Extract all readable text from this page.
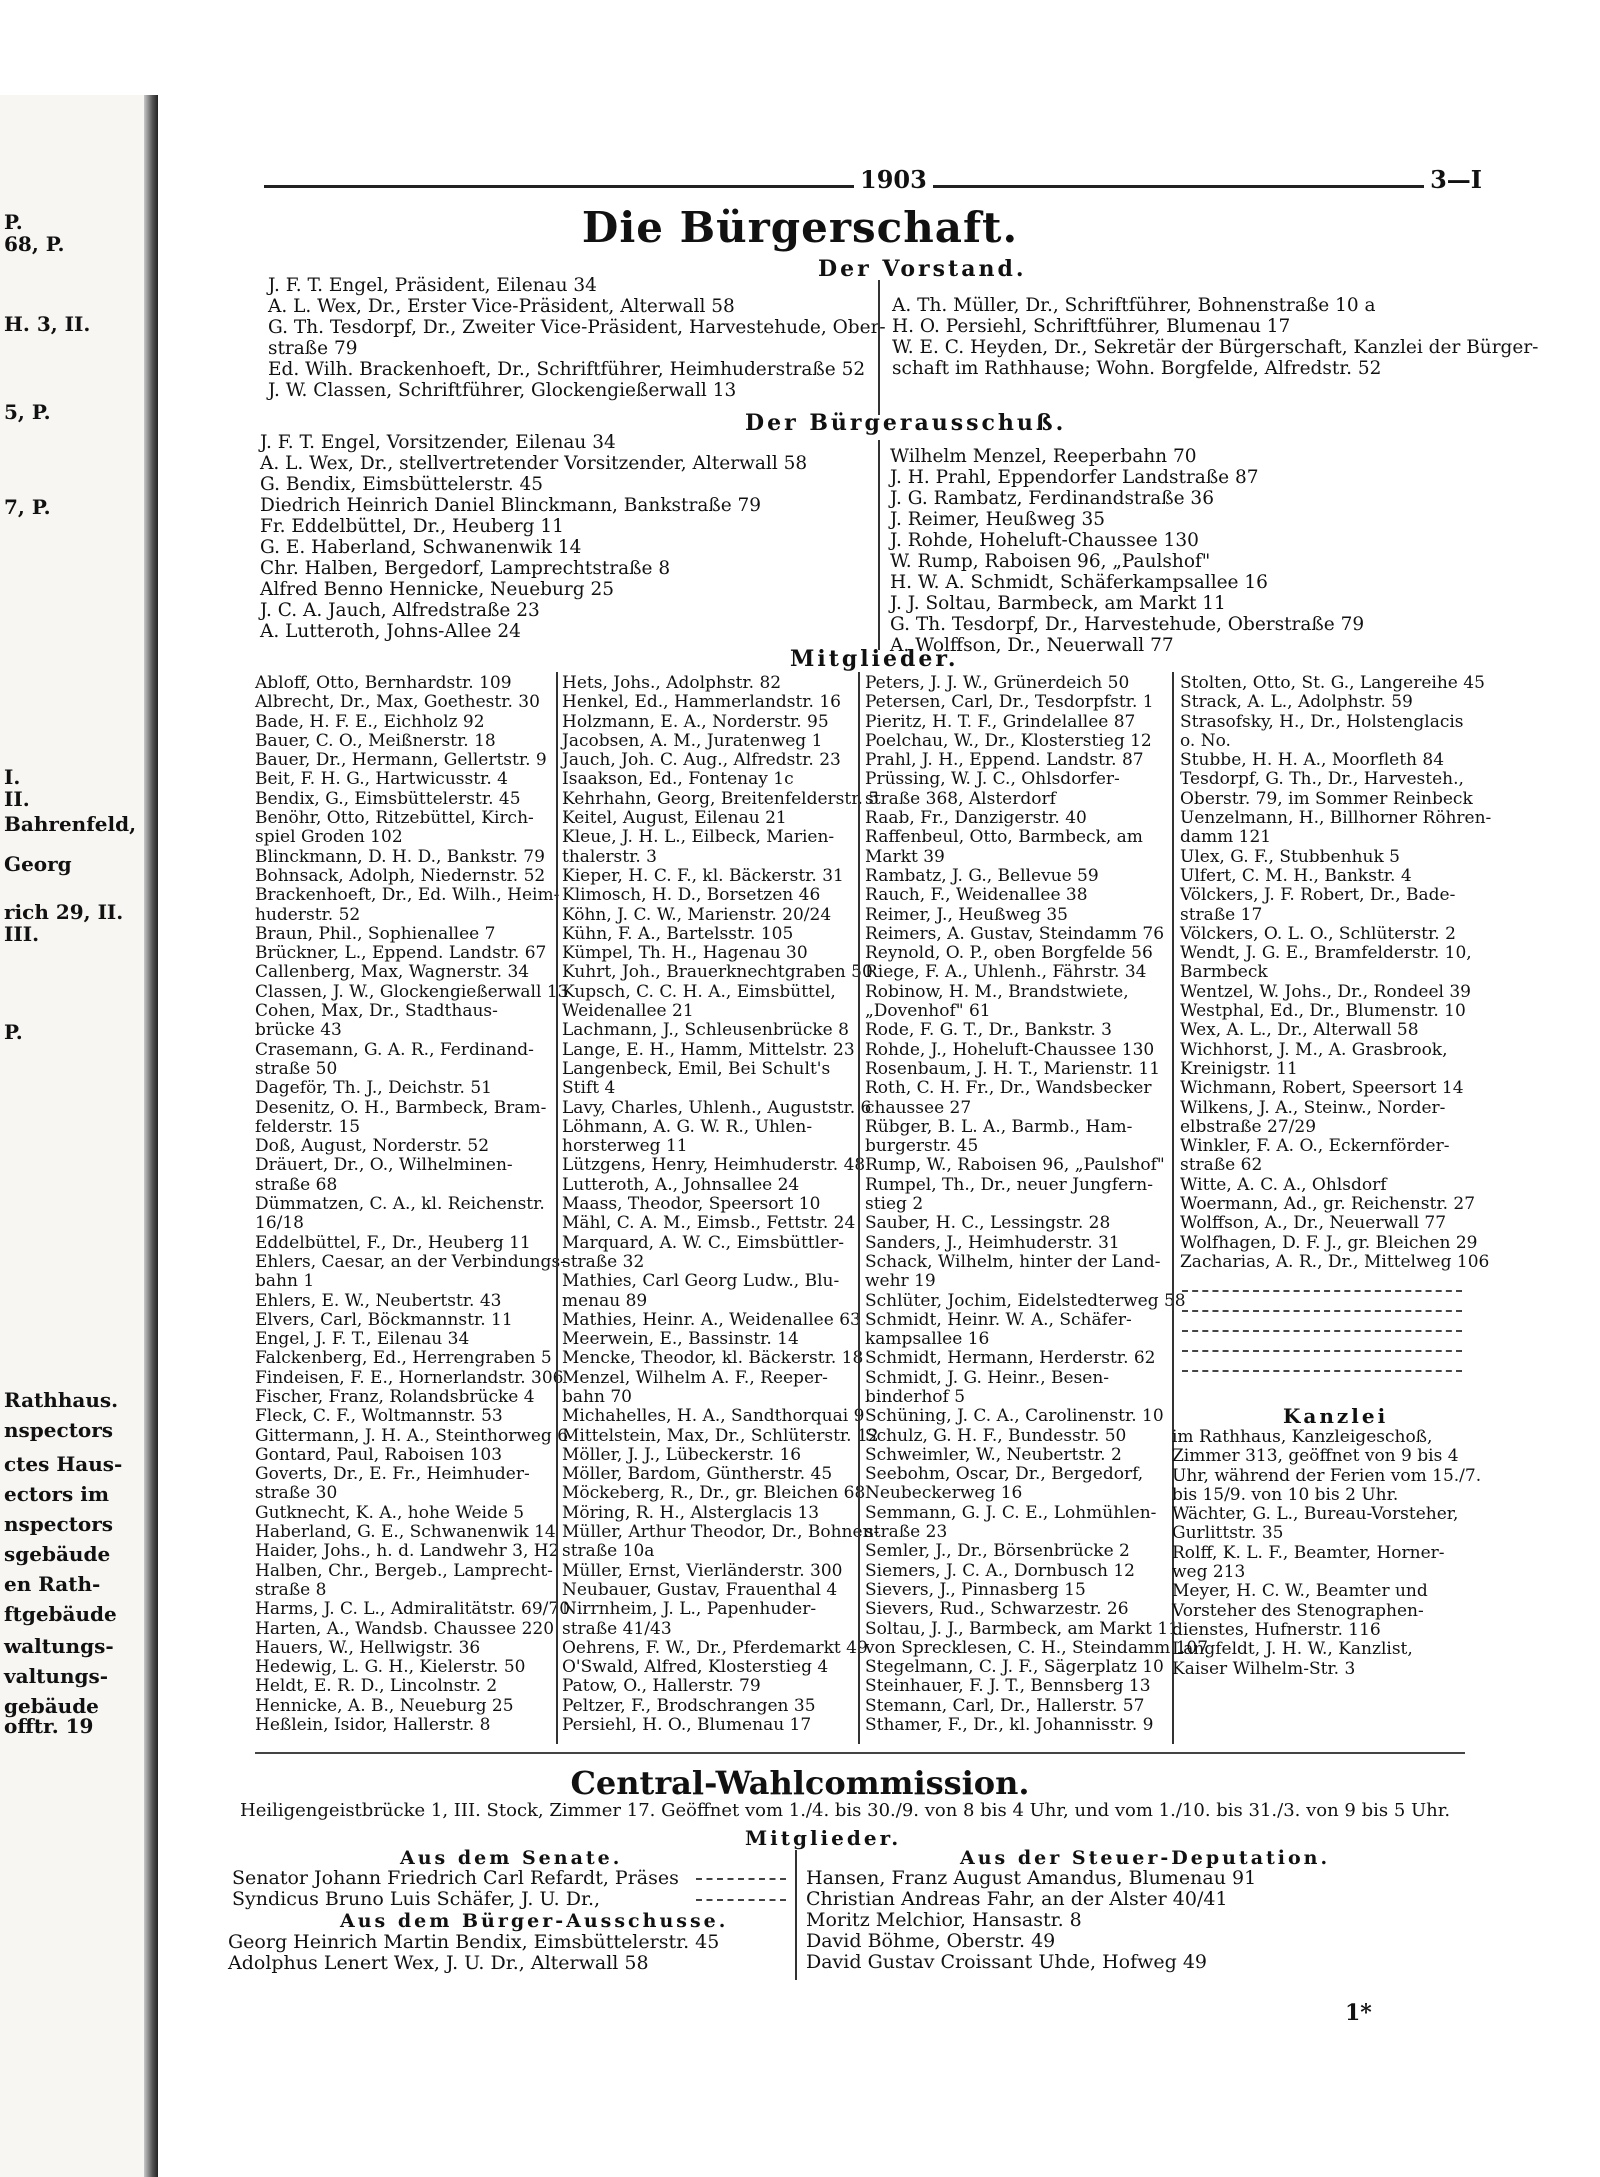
P.
68, P.
H. 3, II.
5, P.
7, P.
I.
II.
Bahrenfeld,
Georg
rich 29, II.
III.
P.
Rathhaus.
nspectors
ctes Haus-
ectors im
nspectors
sgebäude
en Rath-
ftgebäude
waltungs-
valtungs-
gebäude
offtr. 19
1903	3—I
Die Bürgerschaft.
Der Vorstand.
J. F. T. Engel, Präsident, Eilenau 34
A. L. Wex, Dr., Erster Vice-Präsident, Alterwall 58
G. Th. Tesdorpf, Dr., Zweiter Vice-Präsident, Harvestehude, Ober-
straße 79
Ed. Wilh. Brackenhoeft, Dr., Schriftführer, Heimhuderstraße 52
J. W. Classen, Schriftführer, Glockengießerwall 13
A. Th. Müller, Dr., Schriftführer, Bohnenstraße 10 a
H. O. Persiehl, Schriftführer, Blumenau 17
W. E. C. Heyden, Dr., Sekretär der Bürgerschaft, Kanzlei der Bürger-
schaft im Rathhause; Wohn. Borgfelde, Alfredstr. 52
Der Bürgerausschuß.
J. F. T. Engel, Vorsitzender, Eilenau 34
A. L. Wex, Dr., stellvertretender Vorsitzender, Alterwall 58
G. Bendix, Eimsbüttelerstr. 45
Diedrich Heinrich Daniel Blinckmann, Bankstraße 79
Fr. Eddelbüttel, Dr., Heuberg 11
G. E. Haberland, Schwanenwik 14
Chr. Halben, Bergedorf, Lamprechtstraße 8
Alfred Benno Hennicke, Neueburg 25
J. C. A. Jauch, Alfredstraße 23
A. Lutteroth, Johns-Allee 24
Wilhelm Menzel, Reeperbahn 70
J. H. Prahl, Eppendorfer Landstraße 87
J. G. Rambatz, Ferdinandstraße 36
J. Reimer, Heußweg 35
J. Rohde, Hoheluft-Chaussee 130
W. Rump, Raboisen 96, „Paulshof"
H. W. A. Schmidt, Schäferkampsallee 16
J. J. Soltau, Barmbeck, am Markt 11
G. Th. Tesdorpf, Dr., Harvestehude, Oberstraße 79
A. Wolffson, Dr., Neuerwall 77
Mitglieder.
Abloff, Otto, Bernhardstr. 109
Albrecht, Dr., Max, Goethestr. 30
Bade, H. F. E., Eichholz 92
Bauer, C. O., Meißnerstr. 18
Bauer, Dr., Hermann, Gellertstr. 9
Beit, F. H. G., Hartwicusstr. 4
Bendix, G., Eimsbüttelerstr. 45
Benöhr, Otto, Ritzebüttel, Kirch-
spiel Groden 102
Blinckmann, D. H. D., Bankstr. 79
Bohnsack, Adolph, Niedernstr. 52
Brackenhoeft, Dr., Ed. Wilh., Heim-
huderstr. 52
Braun, Phil., Sophienallee 7
Brückner, L., Eppend. Landstr. 67
Callenberg, Max, Wagnerstr. 34
Classen, J. W., Glockengießerwall 13
Cohen, Max, Dr., Stadthaus-
brücke 43
Crasemann, G. A. R., Ferdinand-
straße 50
Dageför, Th. J., Deichstr. 51
Desenitz, O. H., Barmbeck, Bram-
felderstr. 15
Doß, August, Norderstr. 52
Dräuert, Dr., O., Wilhelminen-
straße 68
Dümmatzen, C. A., kl. Reichenstr.
16/18
Eddelbüttel, F., Dr., Heuberg 11
Ehlers, Caesar, an der Verbindungs-
bahn 1
Ehlers, E. W., Neubertstr. 43
Elvers, Carl, Böckmannstr. 11
Engel, J. F. T., Eilenau 34
Falckenberg, Ed., Herrengraben 5
Findeisen, F. E., Hornerlandstr. 306
Fischer, Franz, Rolandsbrücke 4
Fleck, C. F., Woltmannstr. 53
Gittermann, J. H. A., Steinthorweg 6
Gontard, Paul, Raboisen 103
Goverts, Dr., E. Fr., Heimhuder-
straße 30
Gutknecht, K. A., hohe Weide 5
Haberland, G. E., Schwanenwik 14
Haider, Johs., h. d. Landwehr 3, H2
Halben, Chr., Bergeb., Lamprecht-
straße 8
Harms, J. C. L., Admiralitätstr. 69/70
Harten, A., Wandsb. Chaussee 220
Hauers, W., Hellwigstr. 36
Hedewig, L. G. H., Kielerstr. 50
Heldt, E. R. D., Lincolnstr. 2
Hennicke, A. B., Neueburg 25
Heßlein, Isidor, Hallerstr. 8
Hets, Johs., Adolphstr. 82
Henkel, Ed., Hammerlandstr. 16
Holzmann, E. A., Norderstr. 95
Jacobsen, A. M., Juratenweg 1
Jauch, Joh. C. Aug., Alfredstr. 23
Isaakson, Ed., Fontenay 1c
Kehrhahn, Georg, Breitenfelderstr. 5
Keitel, August, Eilenau 21
Kleue, J. H. L., Eilbeck, Marien-
thalerstr. 3
Kieper, H. C. F., kl. Bäckerstr. 31
Klimosch, H. D., Borsetzen 46
Köhn, J. C. W., Marienstr. 20/24
Kühn, F. A., Bartelsstr. 105
Kümpel, Th. H., Hagenau 30
Kuhrt, Joh., Brauerknechtgraben 50
Kupsch, C. C. H. A., Eimsbüttel,
Weidenallee 21
Lachmann, J., Schleusenbrücke 8
Lange, E. H., Hamm, Mittelstr. 23
Langenbeck, Emil, Bei Schult's
Stift 4
Lavy, Charles, Uhlenh., Auguststr. 6
Löhmann, A. G. W. R., Uhlen-
horsterweg 11
Lützgens, Henry, Heimhuderstr. 48
Lutteroth, A., Johnsallee 24
Maass, Theodor, Speersort 10
Mähl, C. A. M., Eimsb., Fettstr. 24
Marquard, A. W. C., Eimsbüttler-
straße 32
Mathies, Carl Georg Ludw., Blu-
menau 89
Mathies, Heinr. A., Weidenallee 63
Meerwein, E., Bassinstr. 14
Mencke, Theodor, kl. Bäckerstr. 18
Menzel, Wilhelm A. F., Reeper-
bahn 70
Michahelles, H. A., Sandthorquai 9
Mittelstein, Max, Dr., Schlüterstr. 12
Möller, J. J., Lübeckerstr. 16
Möller, Bardom, Güntherstr. 45
Möckeberg, R., Dr., gr. Bleichen 68
Möring, R. H., Alsterglacis 13
Müller, Arthur Theodor, Dr., Bohnen-
straße 10a
Müller, Ernst, Vierländerstr. 300
Neubauer, Gustav, Frauenthal 4
Nirrnheim, J. L., Papenhuder-
straße 41/43
Oehrens, F. W., Dr., Pferdemarkt 49
O'Swald, Alfred, Klosterstieg 4
Patow, O., Hallerstr. 79
Peltzer, F., Brodschrangen 35
Persiehl, H. O., Blumenau 17
Peters, J. J. W., Grünerdeich 50
Petersen, Carl, Dr., Tesdorpfstr. 1
Pieritz, H. T. F., Grindelallee 87
Poelchau, W., Dr., Klosterstieg 12
Prahl, J. H., Eppend. Landstr. 87
Prüssing, W. J. C., Ohlsdorfer-
straße 368, Alsterdorf
Raab, Fr., Danzigerstr. 40
Raffenbeul, Otto, Barmbeck, am
Markt 39
Rambatz, J. G., Bellevue 59
Rauch, F., Weidenallee 38
Reimer, J., Heußweg 35
Reimers, A. Gustav, Steindamm 76
Reynold, O. P., oben Borgfelde 56
Riege, F. A., Uhlenh., Fährstr. 34
Robinow, H. M., Brandstwiete,
„Dovenhof" 61
Rode, F. G. T., Dr., Bankstr. 3
Rohde, J., Hoheluft-Chaussee 130
Rosenbaum, J. H. T., Marienstr. 11
Roth, C. H. Fr., Dr., Wandsbecker
chaussee 27
Rübger, B. L. A., Barmb., Ham-
burgerstr. 45
Rump, W., Raboisen 96, „Paulshof"
Rumpel, Th., Dr., neuer Jungfern-
stieg 2
Sauber, H. C., Lessingstr. 28
Sanders, J., Heimhuderstr. 31
Schack, Wilhelm, hinter der Land-
wehr 19
Schlüter, Jochim, Eidelstedterweg 58
Schmidt, Heinr. W. A., Schäfer-
kampsallee 16
Schmidt, Hermann, Herderstr. 62
Schmidt, J. G. Heinr., Besen-
binderhof 5
Schüning, J. C. A., Carolinenstr. 10
Schulz, G. H. F., Bundesstr. 50
Schweimler, W., Neubertstr. 2
Seebohm, Oscar, Dr., Bergedorf,
Neubeckerweg 16
Semmann, G. J. C. E., Lohmühlen-
straße 23
Semler, J., Dr., Börsenbrücke 2
Siemers, J. C. A., Dornbusch 12
Sievers, J., Pinnasberg 15
Sievers, Rud., Schwarzestr. 26
Soltau, J. J., Barmbeck, am Markt 11
von Sprecklesen, C. H., Steindamm 107
Stegelmann, C. J. F., Sägerplatz 10
Steinhauer, F. J. T., Bennsberg 13
Stemann, Carl, Dr., Hallerstr. 57
Sthamer, F., Dr., kl. Johannisstr. 9
Stolten, Otto, St. G., Langereihe 45
Strack, A. L., Adolphstr. 59
Strasofsky, H., Dr., Holstenglacis
o. No.
Stubbe, H. H. A., Moorfleth 84
Tesdorpf, G. Th., Dr., Harvesteh.,
Oberstr. 79, im Sommer Reinbeck
Uenzelmann, H., Billhorner Röhren-
damm 121
Ulex, G. F., Stubbenhuk 5
Ulfert, C. M. H., Bankstr. 4
Völckers, J. F. Robert, Dr., Bade-
straße 17
Völckers, O. L. O., Schlüterstr. 2
Wendt, J. G. E., Bramfelderstr. 10,
Barmbeck
Wentzel, W. Johs., Dr., Rondeel 39
Westphal, Ed., Dr., Blumenstr. 10
Wex, A. L., Dr., Alterwall 58
Wichhorst, J. M., A. Grasbrook,
Kreinigstr. 11
Wichmann, Robert, Speersort 14
Wilkens, J. A., Steinw., Norder-
elbstraße 27/29
Winkler, F. A. O., Eckernförder-
straße 62
Witte, A. C. A., Ohlsdorf
Woermann, Ad., gr. Reichenstr. 27
Wolffson, A., Dr., Neuerwall 77
Wolfhagen, D. F. J., gr. Bleichen 29
Zacharias, A. R., Dr., Mittelweg 106
Kanzlei
im Rathhaus, Kanzleigeschoß,
Zimmer 313, geöffnet von 9 bis 4
Uhr, während der Ferien vom 15./7.
bis 15/9. von 10 bis 2 Uhr.
Wächter, G. L., Bureau-Vorsteher,
Gurlittstr. 35
Rolff, K. L. F., Beamter, Horner-
weg 213
Meyer, H. C. W., Beamter und
Vorsteher des Stenographen-
dienstes, Hufnerstr. 116
Langfeldt, J. H. W., Kanzlist,
Kaiser Wilhelm-Str. 3
Central-Wahlcommission.
Heiligengeistbrücke 1, III. Stock, Zimmer 17. Geöffnet vom 1./4. bis 30./9. von 8 bis 4 Uhr, und vom 1./10. bis 31./3. von 9 bis 5 Uhr.
Mitglieder.
Aus dem Senate.
Senator Johann Friedrich Carl Refardt, Präses
Syndicus Bruno Luis Schäfer, J. U. Dr.,
Aus dem Bürger-Ausschusse.
Georg Heinrich Martin Bendix, Eimsbüttelerstr. 45
Adolphus Lenert Wex, J. U. Dr., Alterwall 58
Aus der Steuer-Deputation.
Hansen, Franz August Amandus, Blumenau 91
Christian Andreas Fahr, an der Alster 40/41
Moritz Melchior, Hansastr. 8
David Böhme, Oberstr. 49
David Gustav Croissant Uhde, Hofweg 49
1*
